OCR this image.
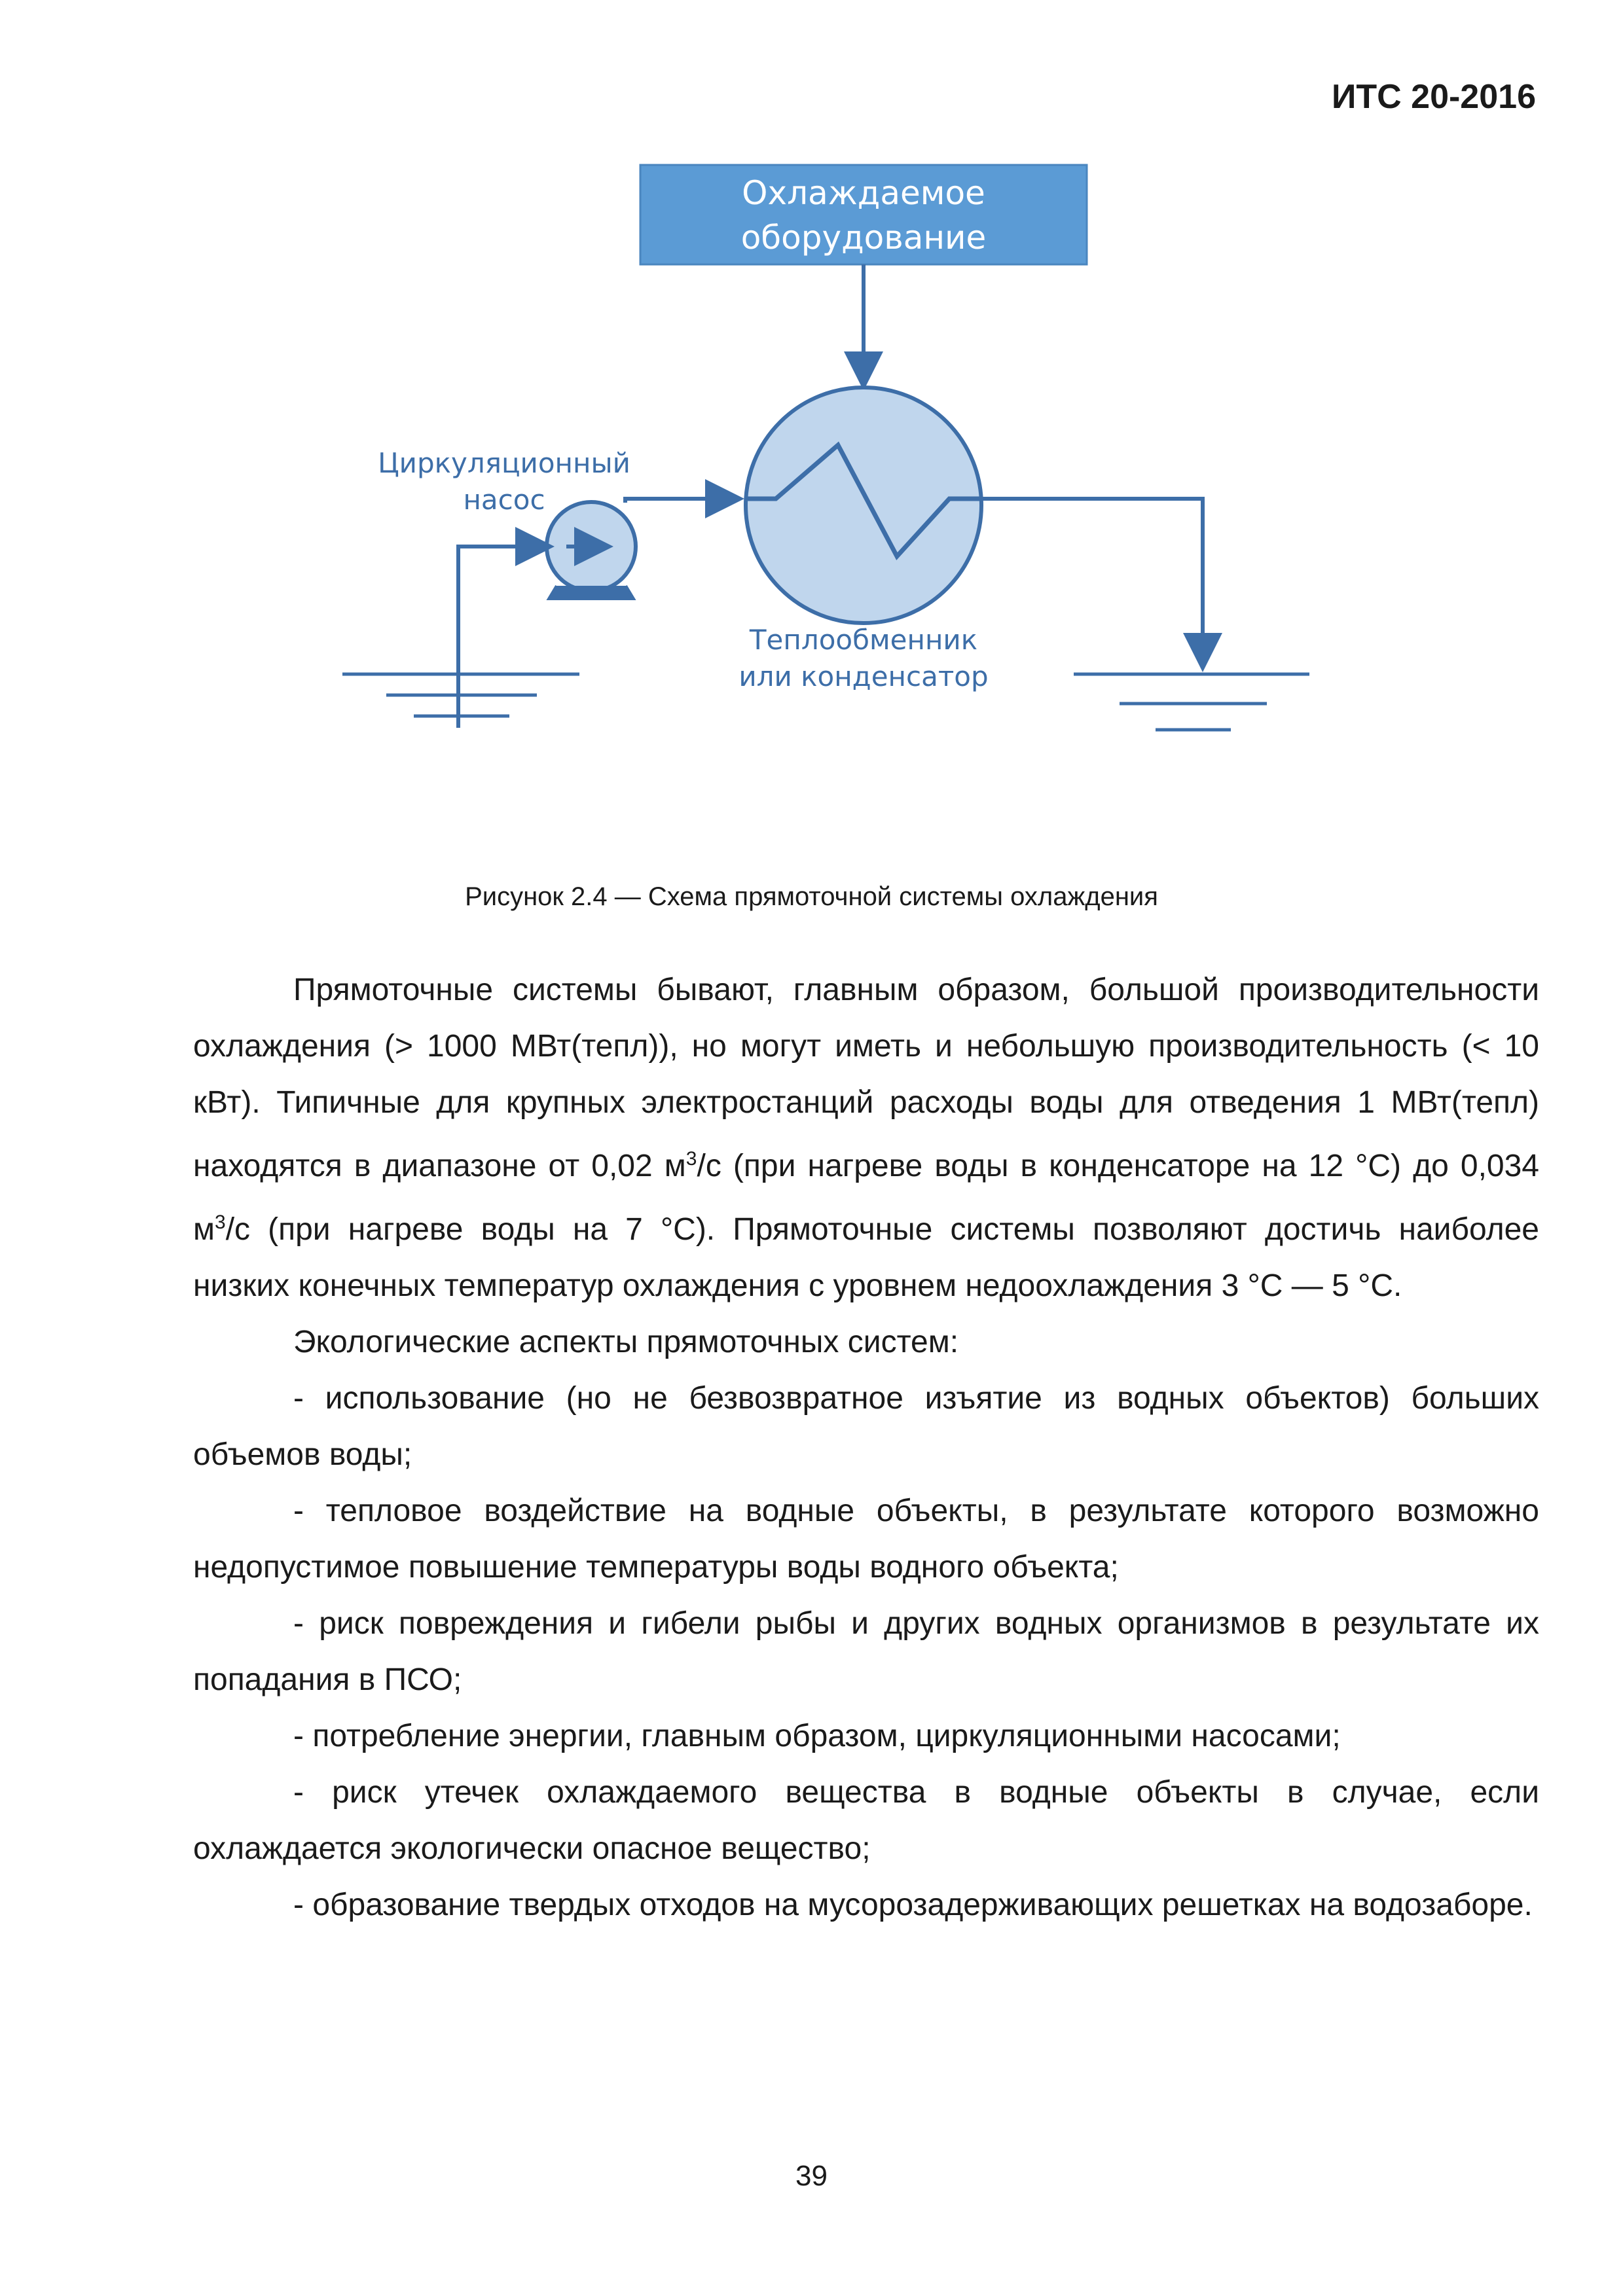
ИТС 20-2016
Охлаждаемое
оборудование
Циркуляционный
насос
Теплообменник
или конденсатор
Рисунок 2.4 — Схема прямоточной системы охлаждения

Прямоточные системы бывают, главным образом, большой производительности охлаждения (> 1000 МВт(тепл)), но могут иметь и небольшую производительность (< 10 кВт). Типичные для крупных электростанций расходы воды для отведения 1 МВт(тепл) находятся в диапазоне от 0,02 $м^3/с$ (при нагреве воды в конденсаторе на 12 °С) до 0,034 $м^3/с$ (при нагреве воды на 7 °С). Прямоточные системы позволяют достичь наиболее низких конечных температур охлаждения с уровнем недоохлаждения 3 °С — 5 °С.

Экологические аспекты прямоточных систем:

- использование (но не безвозвратное изъятие из водных объектов) больших объемов воды;

- тепловое воздействие на водные объекты, в результате которого возможно недопустимое повышение температуры воды водного объекта;

- риск повреждения и гибели рыбы и других водных организмов в результате их попадания в ПСО;

- потребление энергии, главным образом, циркуляционными насосами;

- риск утечек охлаждаемого вещества в водные объекты в случае, если охлаждается экологически опасное вещество;

- образование твердых отходов на мусорозадерживающих решетках на водозаборе.

39
